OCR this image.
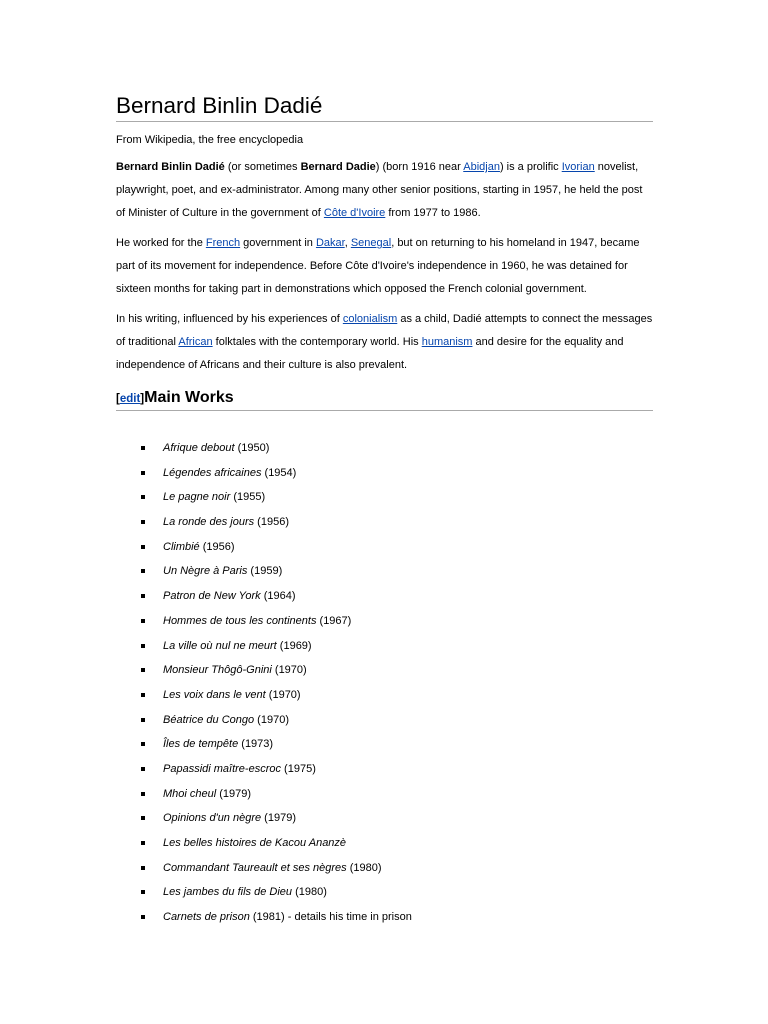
Bernard Binlin Dadié
From Wikipedia, the free encyclopedia

Bernard Binlin Dadié (or sometimes Bernard Dadie) (born 1916 near Abidjan) is a prolific Ivorian novelist, playwright, poet, and ex-administrator. Among many other senior positions, starting in 1957, he held the post of Minister of Culture in the government of Côte d'Ivoire from 1977 to 1986.

He worked for the French government in Dakar, Senegal, but on returning to his homeland in 1947, became part of its movement for independence. Before Côte d'Ivoire's independence in 1960, he was detained for sixteen months for taking part in demonstrations which opposed the French colonial government.

In his writing, influenced by his experiences of colonialism as a child, Dadié attempts to connect the messages of traditional African folktales with the contemporary world. His humanism and desire for the equality and independence of Africans and their culture is also prevalent.

[edit]Main Works
Afrique debout (1950)
Légendes africaines (1954)
Le pagne noir (1955)
La ronde des jours (1956)
Climbié (1956)
Un Nègre à Paris (1959)
Patron de New York (1964)
Hommes de tous les continents (1967)
La ville où nul ne meurt (1969)
Monsieur Thôgô-Gnini (1970)
Les voix dans le vent (1970)
Béatrice du Congo (1970)
Îles de tempête (1973)
Papassidi maître-escroc (1975)
Mhoi cheul (1979)
Opinions d'un nègre (1979)
Les belles histoires de Kacou Ananzè
Commandant Taureault et ses nègres (1980)
Les jambes du fils de Dieu (1980)
Carnets de prison (1981) - details his time in prison
